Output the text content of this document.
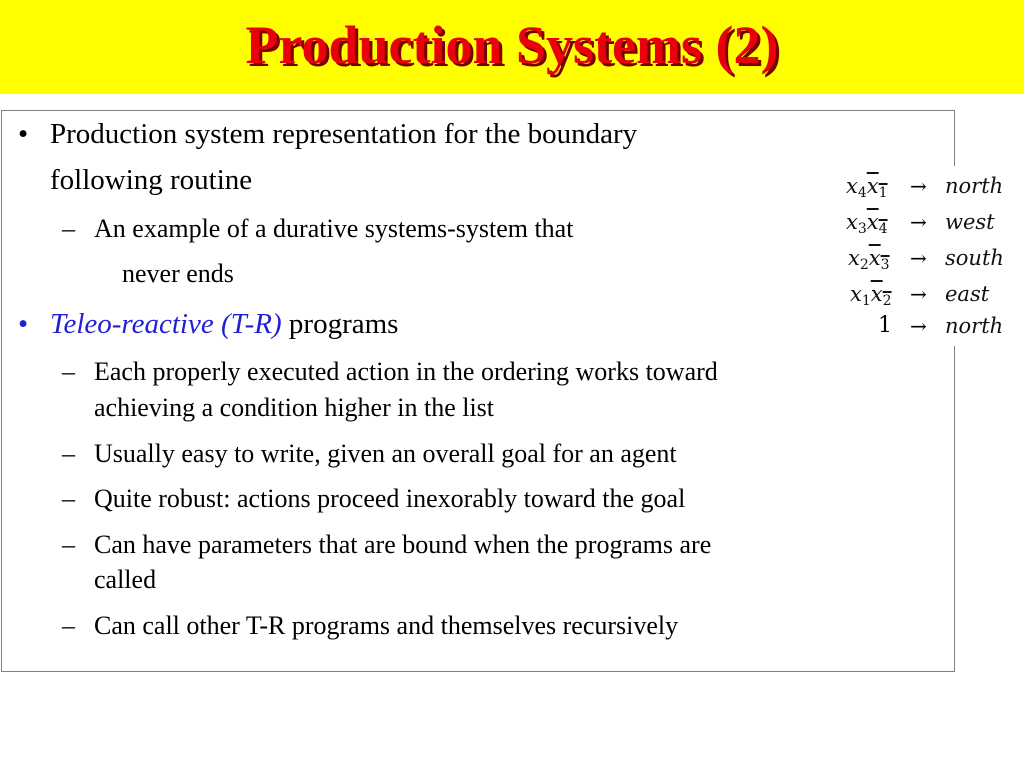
Production Systems (2)
• Production system representation for the boundary
following routine
– An example of a durative systems-system that
never ends
• Teleo-reactive (T-R) programs
– Each properly executed action in the ordering works toward
achieving a condition higher in the list
– Usually easy to write, given an overall goal for an agent
– Quite robust: actions proceed inexorably toward the goal
– Can have parameters that are bound when the programs are
called
– Can call other T-R programs and themselves recursively
$x_4x_1$ → north
$x_3x_4$ → west
$x_2x_3$ → south
$x_1x_2$ → east
1 → north
